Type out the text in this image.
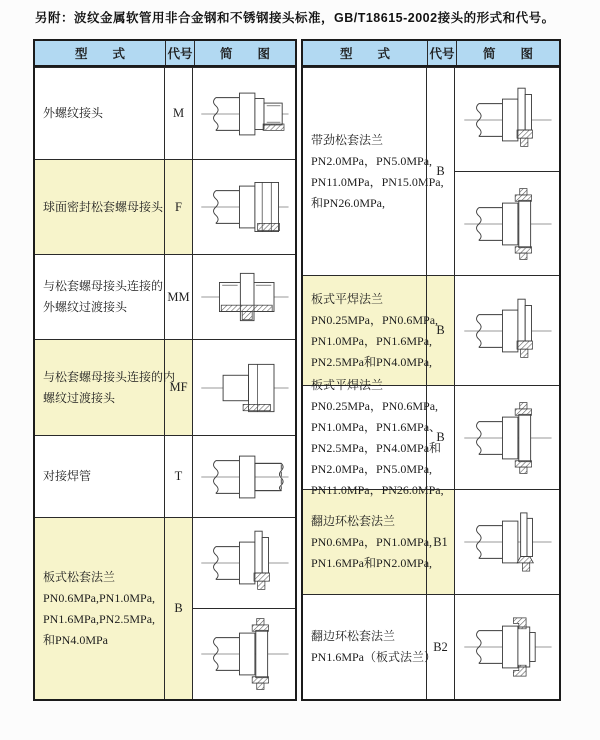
另附：波纹金属软管用非合金钢和不锈钢接头标准，GB/T18615-2002接头的形式和代号。
型　　式	代号	简　　图
外螺纹接头	M
球面密封松套螺母接头 F
与松套螺母接头连接的
外螺纹过渡接头
MM
与松套螺母接头连接的内
螺纹过渡接头
MF
对接焊管	T
板式松套法兰
PN0.6MPa,PN1.0MPa,
PN1.6MPa,PN2.5MPa,
和PN4.0MPa
B
型　　式	代号	简　　图
带劲松套法兰
PN2.0MPa，PN5.0MPa,
PN11.0MPa，PN15.0MPa,
和PN26.0MPa,
B
板式平焊法兰
PN0.25MPa，PN0.6MPa,
PN1.0MPa，PN1.6MPa,
PN2.5MPa和PN4.0MPa,
B
板式平焊法兰
PN0.25MPa，PN0.6MPa,
PN1.0MPa，PN1.6MPa、
PN2.5MPa，PN4.0MPa和
PN2.0MPa，PN5.0MPa,
PN11.0MPa，PN26.0MPa,
B
翻边环松套法兰
PN0.6MPa，PN1.0MPa,
PN1.6MPa和PN2.0MPa,
B1
翻边环松套法兰
PN1.6MPa（板式法兰）
B2
